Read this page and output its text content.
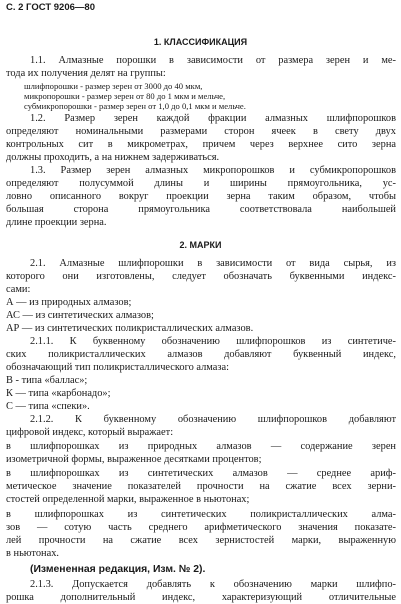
С. 2 ГОСТ 9206—80
1. КЛАССИФИКАЦИЯ
1.1. Алмазные порошки в зависимости от размера зерен и ме-
тода их получения делят на группы:
шлифпорошки - размер зерен от 3000 до 40 мкм,
микропорошки - размер зерен от 80 до 1 мкм и мельче,
субмикропорошки - размер зерен от 1,0 до 0,1 мкм и мельче.
1.2. Размер зерен каждой фракции алмазных шлифпорошков
определяют номинальными размерами сторон ячеек в свету двух
контрольных сит в микрометрах, причем через верхнее сито зерна
должны проходить, а на нижнем задерживаться.
1.3. Размер зерен алмазных микропорошков и субмикропорошков
определяют полусуммой длины и ширины прямоугольника, ус-
ловно описанного вокруг проекции зерна таким образом, чтобы
большая сторона прямоугольника соответствовала наибольшей
длине проекции зерна.
2. МАРКИ
2.1. Алмазные шлифпорошки в зависимости от вида сырья, из
которого они изготовлены, следует обозначать буквенными индекс-
сами:
А — из природных алмазов;
АС — из синтетических алмазов;
АР — из синтетических поликристаллических алмазов.
2.1.1. К буквенному обозначению шлифпорошков из синтетиче-
ских поликристаллических алмазов добавляют буквенный индекс,
обозначающий тип поликристаллического алмаза:
В - типа «баллас»;
К — типа «карбонадо»;
С — типа «спеки».
2.1.2. К буквенному обозначению шлифпорошков добавляют
цифровой индекс, который выражает:
в шлифпорошках из природных алмазов — содержание зерен
изометричной формы, выраженное десятками процентов;
в шлифпорошках из синтетических алмазов — среднее ариф-
метическое значение показателей прочности на сжатие всех зерни-
стостей определенной марки, выраженное в ньютонах;
в шлифпорошках из синтетических поликристаллических алма-
зов — сотую часть среднего арифметического значения показате-
лей прочности на сжатие всех зернистостей марки, выраженную
в ньютонах.
(Измененная редакция, Изм. № 2).
2.1.3. Допускается добавлять к обозначению марки шлифпо-
рошка дополнительный индекс, характеризующий отличительные
